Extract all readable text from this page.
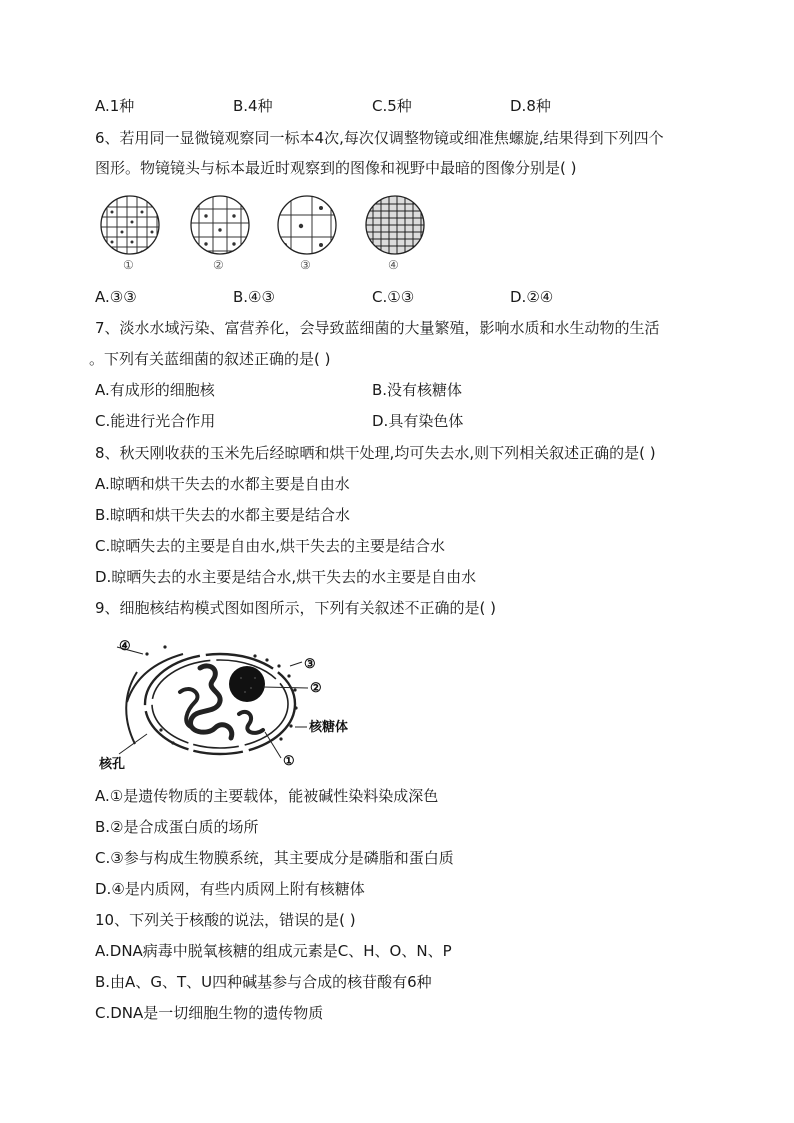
A.1种	B.4种	C.5种	D.8种
6、若用同一显微镜观察同一标本4次,每次仅调整物镜或细准焦螺旋,结果得到下列四个
图形。物镜镜头与标本最近时观察到的图像和视野中最暗的图像分别是( )
①	②	③	④
A.③③	B.④③	C.①③	D.②④
7、淡水水域污染、富营养化，会导致蓝细菌的大量繁殖，影响水质和水生动物的生活
。下列有关蓝细菌的叙述正确的是( )
A.有成形的细胞核	B.没有核糖体
C.能进行光合作用	D.具有染色体
8、秋天刚收获的玉米先后经晾晒和烘干处理,均可失去水,则下列相关叙述正确的是( )
A.晾晒和烘干失去的水都主要是自由水
B.晾晒和烘干失去的水都主要是结合水
C.晾晒失去的主要是自由水,烘干失去的主要是结合水
D.晾晒失去的水主要是结合水,烘干失去的水主要是自由水
9、细胞核结构模式图如图所示，下列有关叙述不正确的是( )
④
③
②
核糖体
①
核孔
A.①是遗传物质的主要载体，能被碱性染料染成深色
B.②是合成蛋白质的场所
C.③参与构成生物膜系统，其主要成分是磷脂和蛋白质
D.④是内质网，有些内质网上附有核糖体
10、下列关于核酸的说法，错误的是( )
A.DNA病毒中脱氧核糖的组成元素是C、H、O、N、P
B.由A、G、T、U四种碱基参与合成的核苷酸有6种
C.DNA是一切细胞生物的遗传物质
